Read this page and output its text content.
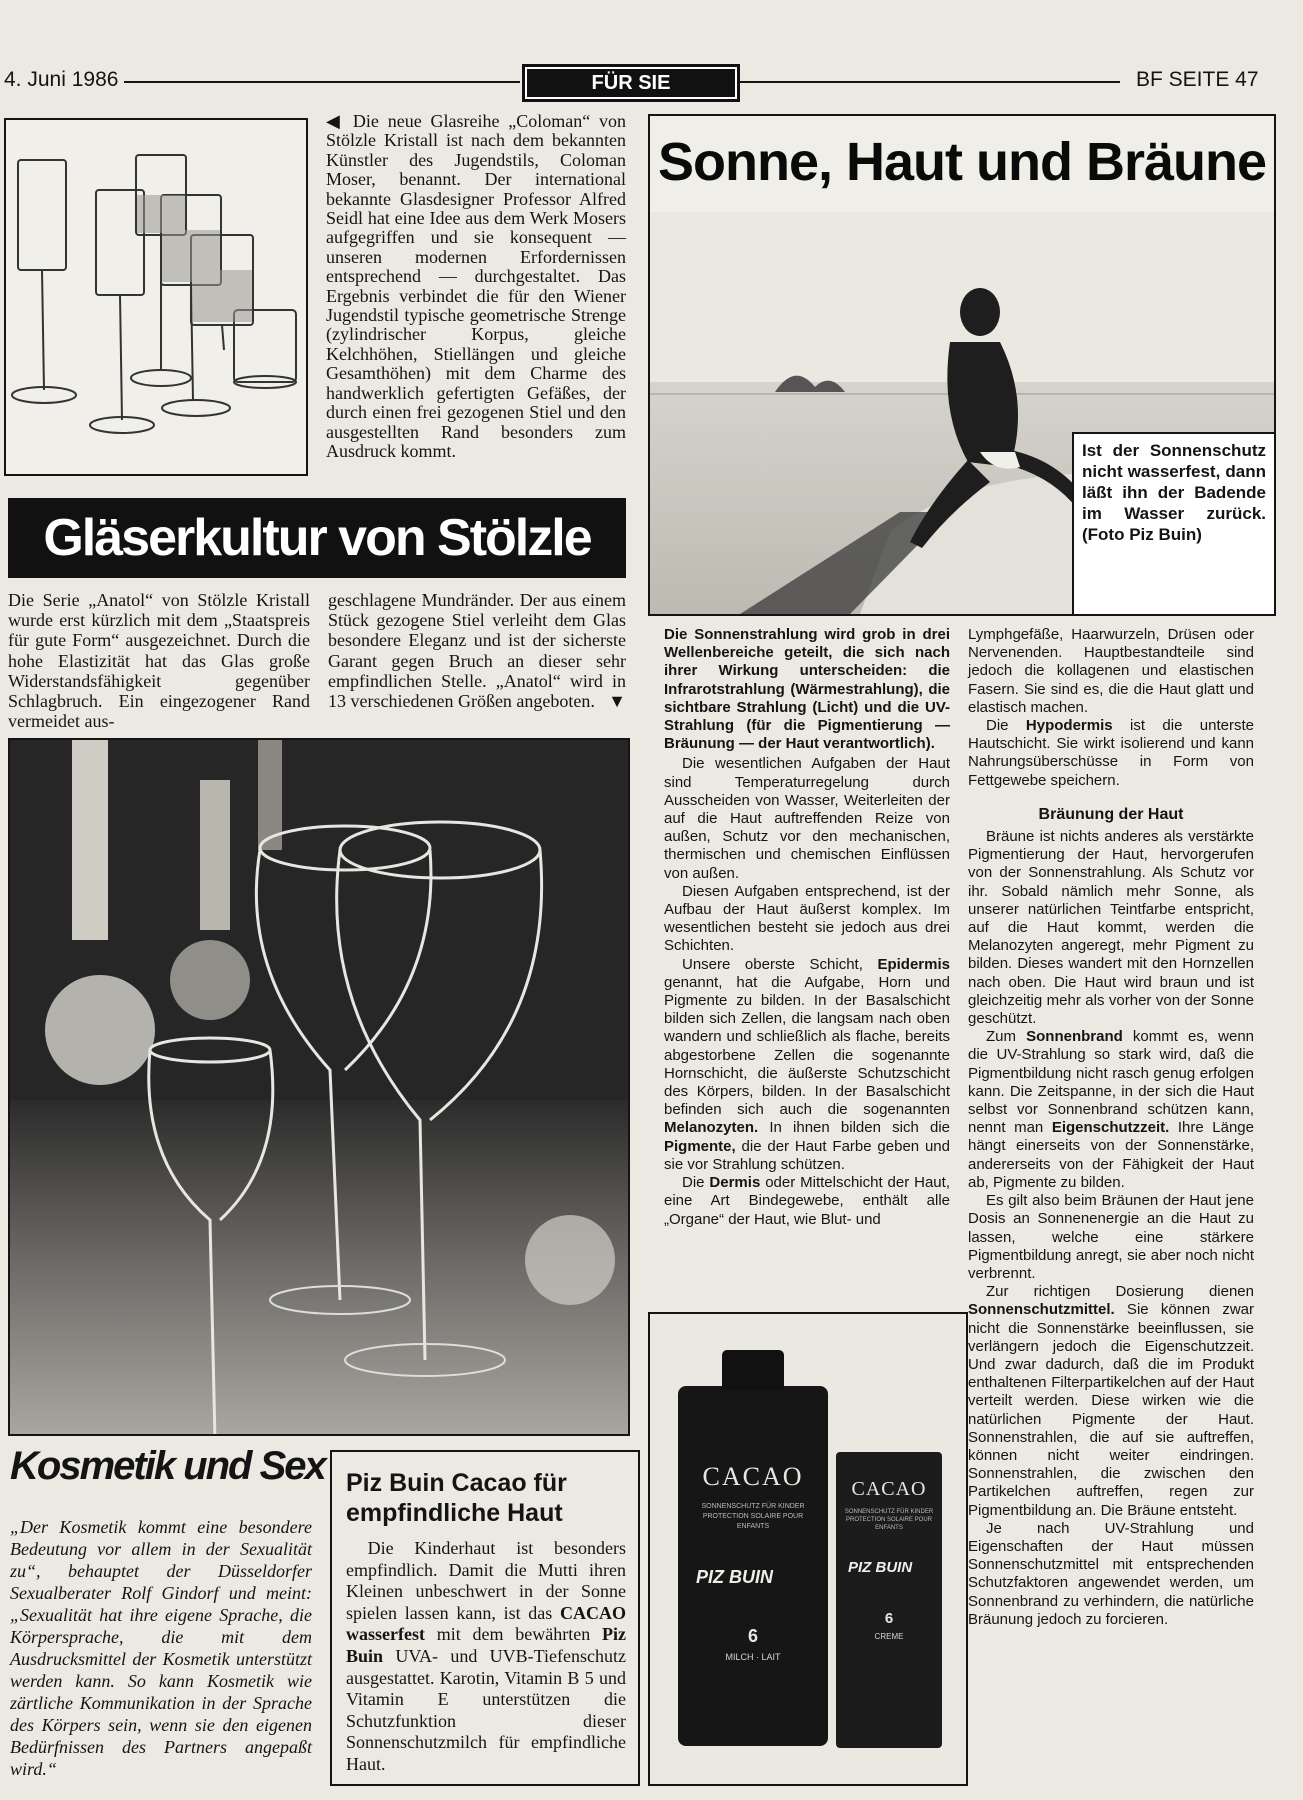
4. Juni 1986	FÜR SIE	BF SEITE 47
◀ Die neue Glasreihe „Coloman“ von Stölzle Kristall ist nach dem bekannten Künstler des Jugendstils, Coloman Moser, benannt. Der international bekannte Glasdesigner Professor Alfred Seidl hat eine Idee aus dem Werk Mosers aufgegriffen und sie konsequent — unseren modernen Erfordernissen entsprechend — durchgestaltet. Das Ergebnis verbindet die für den Wiener Jugendstil typische geometrische Strenge (zylindrischer Korpus, gleiche Kelchhöhen, Stiellängen und gleiche Gesamthöhen) mit dem Charme des handwerklich gefertigten Gefäßes, der durch einen frei gezogenen Stiel und den ausgestellten Rand besonders zum Ausdruck kommt.
Gläserkultur von Stölzle
Die Serie „Anatol“ von Stölzle Kristall wurde erst kürzlich mit dem „Staatspreis für gute Form“ ausgezeichnet. Durch die hohe Elastizität hat das Glas große Widerstandsfähigkeit gegenüber Schlagbruch. Ein eingezogener Rand vermeidet aus-
geschlagene Mundränder. Der aus einem Stück gezogene Stiel verleiht dem Glas besondere Eleganz und ist der sicherste Garant gegen Bruch an dieser sehr empfindlichen Stelle. „Anatol“ wird in 13 verschiedenen Größen angeboten. ▼
Kosmetik und Sex
„Der Kosmetik kommt eine besondere Bedeutung vor allem in der Sexualität zu“, behauptet der Düsseldorfer Sexualberater Rolf Gindorf und meint: „Sexualität hat ihre eigene Sprache, die Körpersprache, die mit dem Ausdrucksmittel der Kosmetik unterstützt werden kann. So kann Kosmetik wie zärtliche Kommunikation in der Sprache des Körpers sein, wenn sie den eigenen Bedürfnissen des Partners angepaßt wird.“
Piz Buin Cacao für empfindliche Haut
Die Kinderhaut ist besonders empfindlich. Damit die Mutti ihren Kleinen unbeschwert in der Sonne spielen lassen kann, ist das CACAO wasserfest mit dem bewährten Piz Buin UVA- und UVB-Tiefenschutz ausgestattet. Karotin, Vitamin B 5 und Vitamin E unterstützen die Schutzfunktion dieser Sonnenschutzmilch für empfindliche Haut.
CACAO
SONNENSCHUTZ FÜR KINDER PROTECTION SOLAIRE POUR ENFANTS
PIZ BUIN
6
MILCH · LAIT
CACAO
SONNENSCHUTZ FÜR KINDER PROTECTION SOLAIRE POUR ENFANTS
PIZ BUIN
6
CREME
Sonne, Haut und Bräune
Ist der Sonnenschutz nicht wasserfest, dann läßt ihn der Badende im Wasser zurück. (Foto Piz Buin)

Die Sonnenstrahlung wird grob in drei Wellenbereiche geteilt, die sich nach ihrer Wirkung unterscheiden: die Infrarotstrahlung (Wärmestrahlung), die sichtbare Strahlung (Licht) und die UV-Strahlung (für die Pigmentierung — Bräunung — der Haut verantwortlich).

Die wesentlichen Aufgaben der Haut sind Temperaturregelung durch Ausscheiden von Wasser, Weiterleiten der auf die Haut auftreffenden Reize von außen, Schutz vor den mechanischen, thermischen und chemischen Einflüssen von außen.

Diesen Aufgaben entsprechend, ist der Aufbau der Haut äußerst komplex. Im wesentlichen besteht sie jedoch aus drei Schichten.

Unsere oberste Schicht, Epidermis genannt, hat die Aufgabe, Horn und Pigmente zu bilden. In der Basalschicht bilden sich Zellen, die langsam nach oben wandern und schließlich als flache, bereits abgestorbene Zellen die sogenannte Hornschicht, die äußerste Schutzschicht des Körpers, bilden. In der Basalschicht befinden sich auch die sogenannten Melanozyten. In ihnen bilden sich die Pigmente, die der Haut Farbe geben und sie vor Strahlung schützen.

Die Dermis oder Mittelschicht der Haut, eine Art Bindegewebe, enthält alle „Organe“ der Haut, wie Blut- und

Lymphgefäße, Haarwurzeln, Drüsen oder Nervenenden. Hauptbestandteile sind jedoch die kollagenen und elastischen Fasern. Sie sind es, die die Haut glatt und elastisch machen.

Die Hypodermis ist die unterste Hautschicht. Sie wirkt isolierend und kann Nahrungsüberschüsse in Form von Fettgewebe speichern.

Bräunung der Haut

Bräune ist nichts anderes als verstärkte Pigmentierung der Haut, hervorgerufen von der Sonnenstrahlung. Als Schutz vor ihr. Sobald nämlich mehr Sonne, als unserer natürlichen Teintfarbe entspricht, auf die Haut kommt, werden die Melanozyten angeregt, mehr Pigment zu bilden. Dieses wandert mit den Hornzellen nach oben. Die Haut wird braun und ist gleichzeitig mehr als vorher von der Sonne geschützt.

Zum Sonnenbrand kommt es, wenn die UV-Strahlung so stark wird, daß die Pigmentbildung nicht rasch genug erfolgen kann. Die Zeitspanne, in der sich die Haut selbst vor Sonnenbrand schützen kann, nennt man Eigenschutzzeit. Ihre Länge hängt einerseits von der Sonnenstärke, andererseits von der Fähigkeit der Haut ab, Pigmente zu bilden.

Es gilt also beim Bräunen der Haut jene Dosis an Sonnenenergie an die Haut zu lassen, welche eine stärkere Pigmentbildung anregt, sie aber noch nicht verbrennt.

Zur richtigen Dosierung dienen Sonnenschutzmittel. Sie können zwar nicht die Sonnenstärke beeinflussen, sie verlängern jedoch die Eigenschutzzeit. Und zwar dadurch, daß die im Produkt enthaltenen Filterpartikelchen auf der Haut verteilt werden. Diese wirken wie die natürlichen Pigmente der Haut. Sonnenstrahlen, die auf sie auftreffen, können nicht weiter eindringen. Sonnenstrahlen, die zwischen den Partikelchen auftreffen, regen zur Pigmentbildung an. Die Bräune entsteht.

Je nach UV-Strahlung und Eigenschaften der Haut müssen Sonnenschutzmittel mit entsprechenden Schutzfaktoren angewendet werden, um Sonnenbrand zu verhindern, die natürliche Bräunung jedoch zu forcieren.
